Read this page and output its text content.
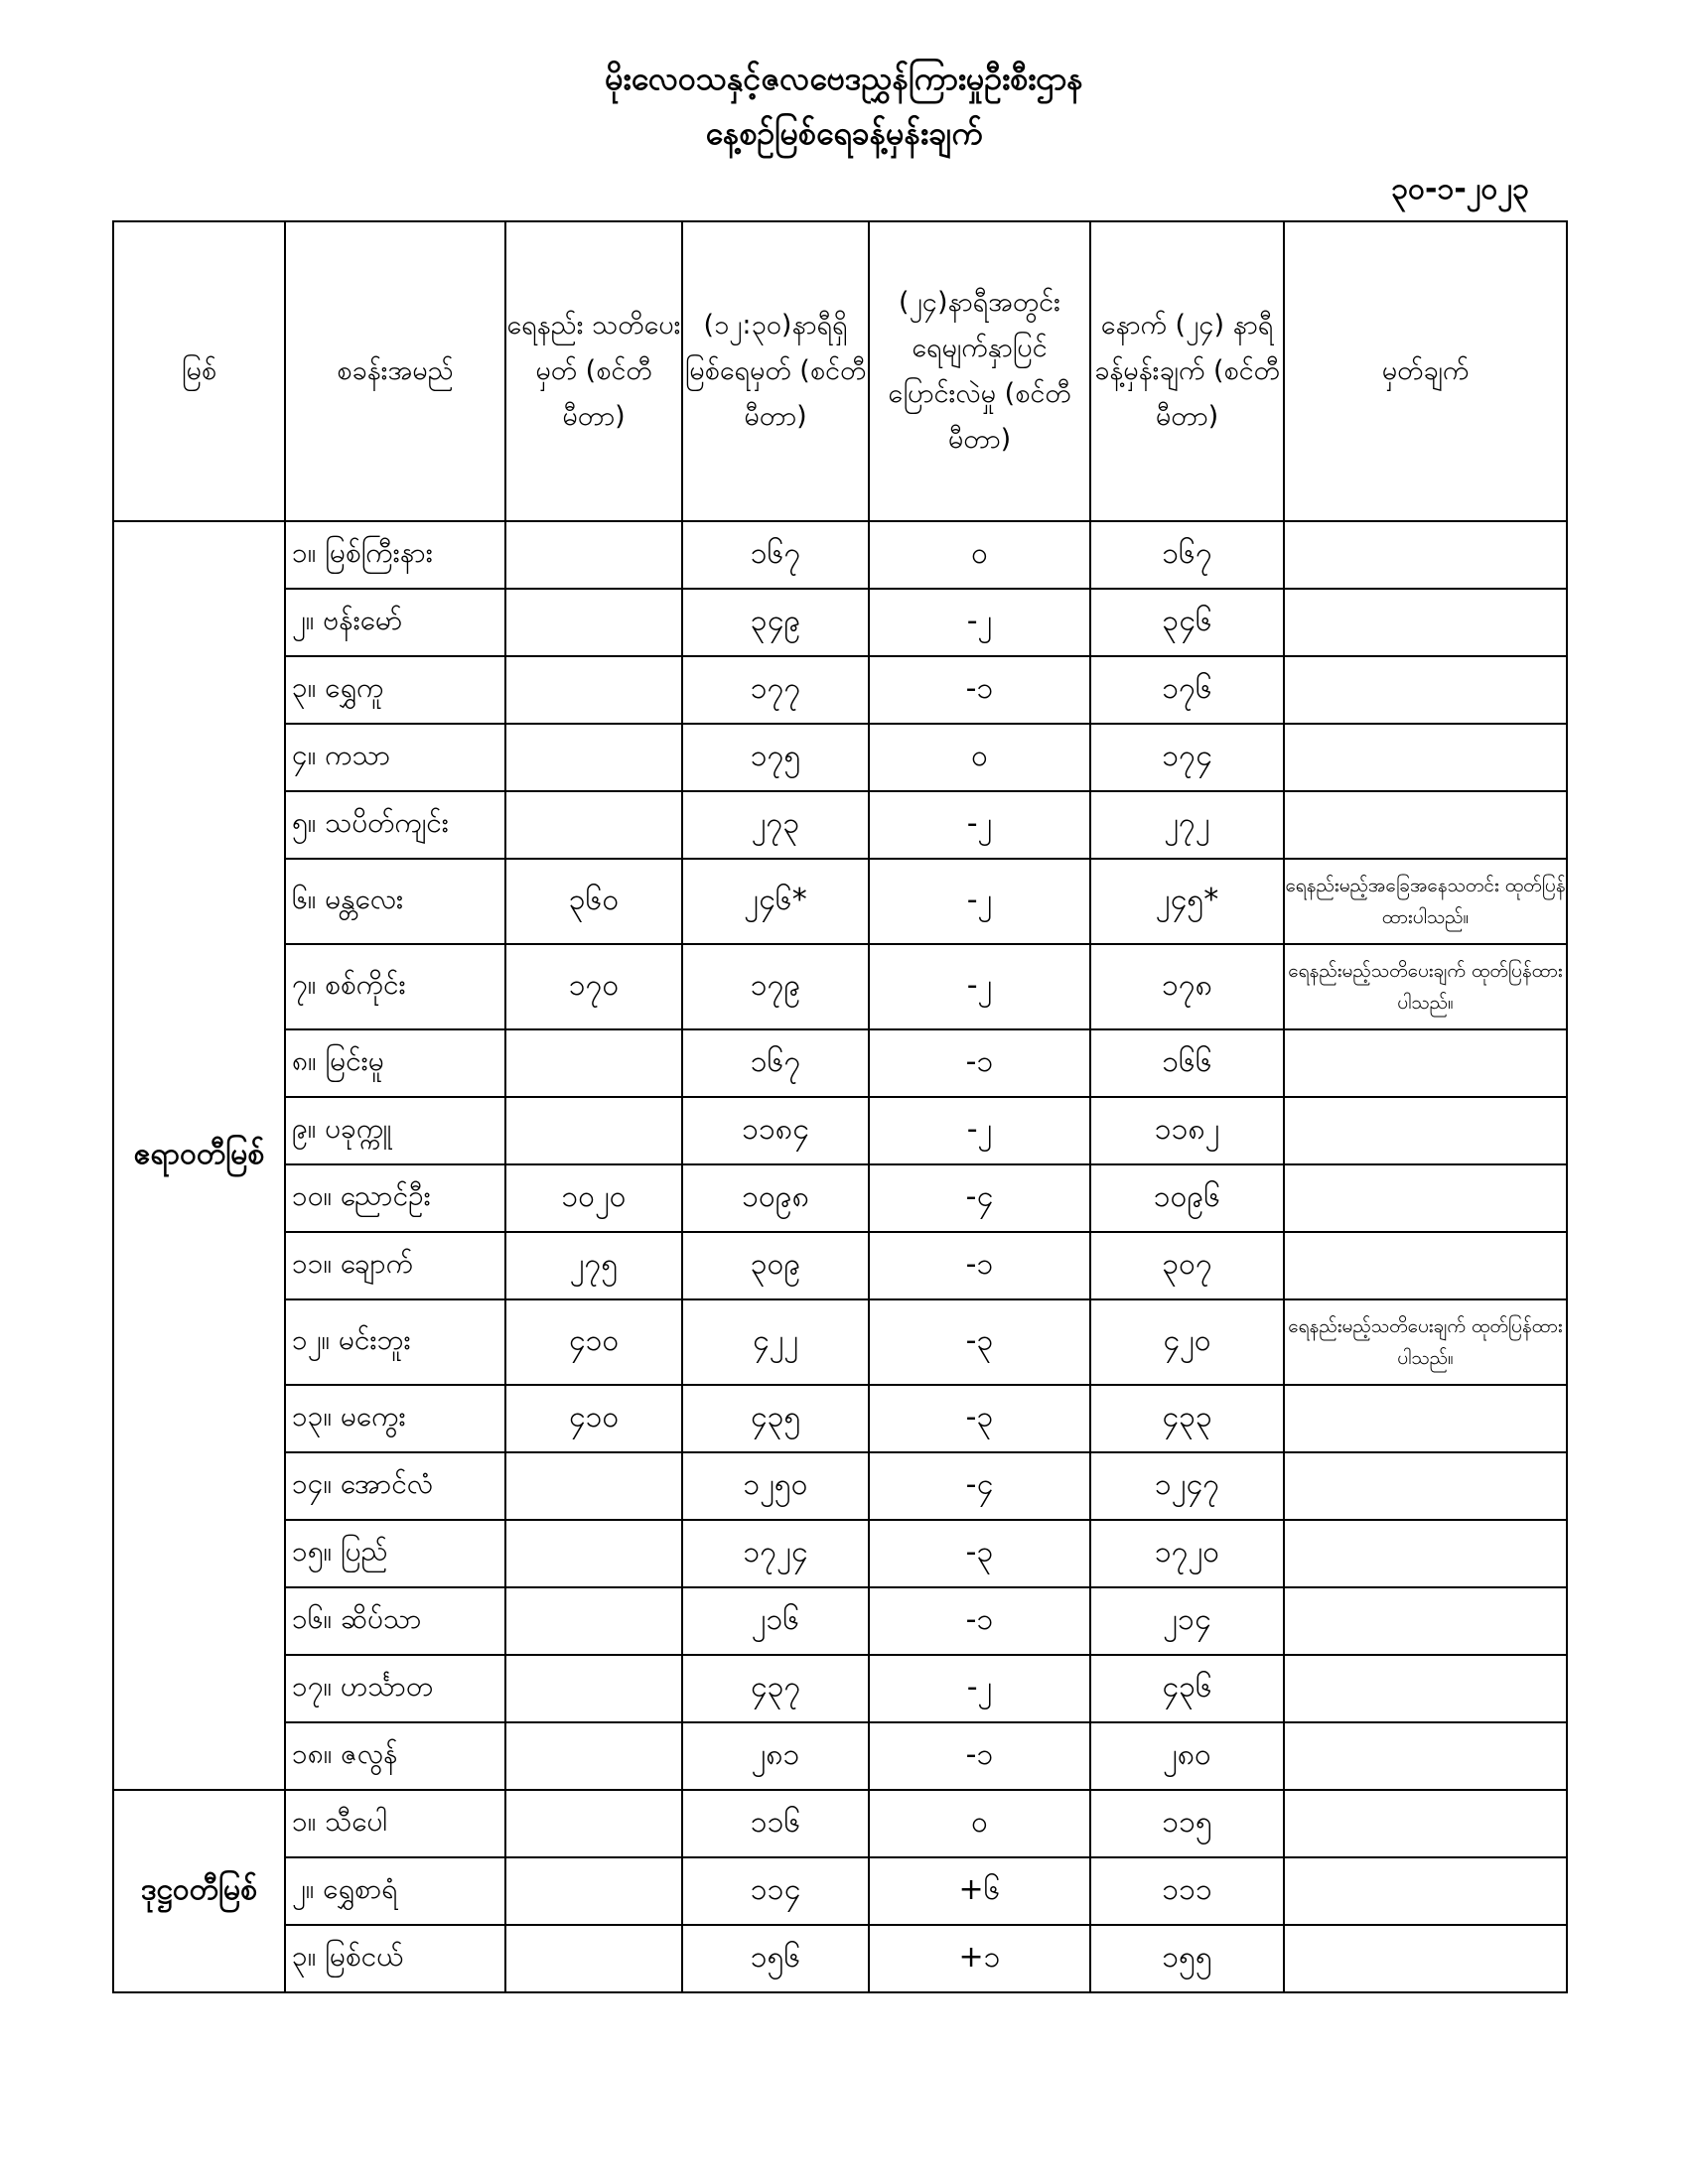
မိုးလေဝသနှင့်ဇလဗေဒညွှန်ကြားမှုဦးစီးဌာန
နေ့စဉ်မြစ်ရေခန့်မှန်းချက်
၃၀-၁-၂၀၂၃
မြစ်	စခန်းအမည်	ရေနည်း သတိပေးမှတ် (စင်တီမီတာ)	(၁၂:၃၀)နာရီရှိ မြစ်ရေမှတ် (စင်တီမီတာ)	(၂၄)နာရီအတွင်း ရေမျက်နှာပြင် ပြောင်းလဲမှု (စင်တီမီတာ)	နောက် (၂၄) နာရီ ခန့်မှန်းချက် (စင်တီမီတာ)	မှတ်ချက်
ဧရာဝတီမြစ်	၁။ မြစ်ကြီးနား		၁၆၇	၀	၁၆၇	
	၂။ ဗန်းမော်		၃၄၉	-၂	၃၄၆	
	၃။ ရွှေကူ		၁၇၇	-၁	၁၇၆	
	၄။ ကသာ		၁၇၅	၀	၁၇၄	
	၅။ သပိတ်ကျင်း		၂၇၃	-၂	၂၇၂	
	၆။ မန္တလေး	၃၆၀	၂၄၆*	-၂	၂၄၅*	ရေနည်းမည့်အခြေအနေသတင်း ထုတ်ပြန်ထားပါသည်။
	၇။ စစ်ကိုင်း	၁၇၀	၁၇၉	-၂	၁၇၈	ရေနည်းမည့်သတိပေးချက် ထုတ်ပြန်ထားပါသည်။
	၈။ မြင်းမူ		၁၆၇	-၁	၁၆၆	
	၉။ ပခုက္ကူ		၁၁၈၄	-၂	၁၁၈၂	
	၁၀။ ညောင်ဦး	၁၀၂၀	၁၀၉၈	-၄	၁၀၉၆	
	၁၁။ ချောက်	၂၇၅	၃၀၉	-၁	၃၀၇	
	၁၂။ မင်းဘူး	၄၁၀	၄၂၂	-၃	၄၂၀	ရေနည်းမည့်သတိပေးချက် ထုတ်ပြန်ထားပါသည်။
	၁၃။ မကွေး	၄၁၀	၄၃၅	-၃	၄၃၃	
	၁၄။ အောင်လံ		၁၂၅၀	-၄	၁၂၄၇	
	၁၅။ ပြည်		၁၇၂၄	-၃	၁၇၂၀	
	၁၆။ ဆိပ်သာ		၂၁၆	-၁	၂၁၄	
	၁၇။ ဟင်္သာတ		၄၃၇	-၂	၄၃၆	
	၁၈။ ဇလွန်		၂၈၁	-၁	၂၈၀	
ဒုဋ္ဌဝတီမြစ်	၁။ သီပေါ		၁၁၆	၀	၁၁၅	
	၂။ ရွှေစာရံ		၁၁၄	+၆	၁၁၁	
	၃။ မြစ်ငယ်		၁၅၆	+၁	၁၅၅	
